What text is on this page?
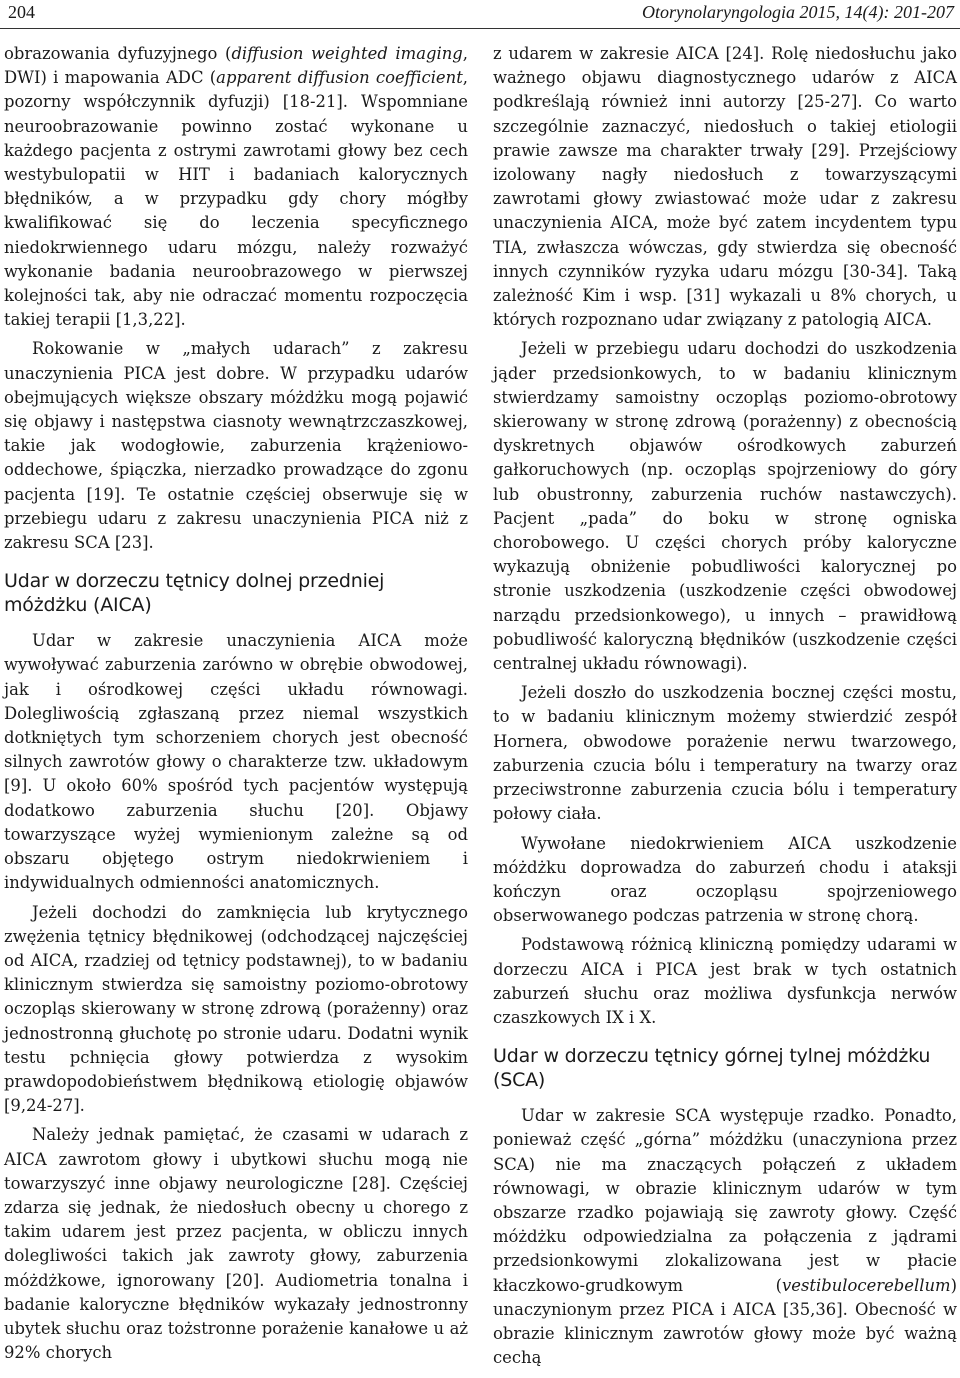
204	Otorynolaryngologia 2015, 14(4): 201-207

obrazowania dyfuzyjnego (diffusion weighted imaging, DWI) i mapowania ADC (apparent diffusion coefficient, pozorny współczynnik dyfuzji) [18-21]. Wspomniane neuroobrazowanie powinno zostać wykonane u każdego pacjenta z ostrymi zawrotami głowy bez cech westybulopatii w HIT i badaniach kalorycznych błędników, a w przypadku gdy chory mógłby kwalifikować się do leczenia specyficznego niedokrwiennego udaru mózgu, należy rozważyć wykonanie badania neuroobrazowego w pierwszej kolejności tak, aby nie odraczać momentu rozpoczęcia takiej terapii [1,3,22].

Rokowanie w „małych udarach” z zakresu unaczynienia PICA jest dobre. W przypadku udarów obejmujących większe obszary móżdżku mogą pojawić się objawy i następstwa ciasnoty wewnątrzczaszkowej, takie jak wodogłowie, zaburzenia krążeniowo-oddechowe, śpiączka, nierzadko prowadzące do zgonu pacjenta [19]. Te ostatnie częściej obserwuje się w przebiegu udaru z zakresu unaczynienia PICA niż z zakresu SCA [23].

Udar w dorzeczu tętnicy dolnej przedniej móżdżku (AICA)

Udar w zakresie unaczynienia AICA może wywoływać zaburzenia zarówno w obrębie obwodowej, jak i ośrodkowej części układu równowagi. Dolegliwością zgłaszaną przez niemal wszystkich dotkniętych tym schorzeniem chorych jest obecność silnych zawrotów głowy o charakterze tzw. układowym [9]. U około 60% spośród tych pacjentów występują dodatkowo zaburzenia słuchu [20]. Objawy towarzyszące wyżej wymienionym zależne są od obszaru objętego ostrym niedokrwieniem i indywidualnych odmienności anatomicznych.

Jeżeli dochodzi do zamknięcia lub krytycznego zwężenia tętnicy błędnikowej (odchodzącej najczęściej od AICA, rzadziej od tętnicy podstawnej), to w badaniu klinicznym stwierdza się samoistny poziomo-obrotowy oczopląs skierowany w stronę zdrową (porażenny) oraz jednostronną głuchotę po stronie udaru. Dodatni wynik testu pchnięcia głowy potwierdza z wysokim prawdopodobieństwem błędnikową etiologię objawów [9,24-27].

Należy jednak pamiętać, że czasami w udarach z AICA zawrotom głowy i ubytkowi słuchu mogą nie towarzyszyć inne objawy neurologiczne [28]. Częściej zdarza się jednak, że niedosłuch obecny u chorego z takim udarem jest przez pacjenta, w obliczu innych dolegliwości takich jak zawroty głowy, zaburzenia móżdżkowe, ignorowany [20]. Audiometria tonalna i badanie kaloryczne błędników wykazały jednostronny ubytek słuchu oraz tożstronne porażenie kanałowe u aż 92% chorych

z udarem w zakresie AICA [24]. Rolę niedosłuchu jako ważnego objawu diagnostycznego udarów z AICA podkreślają również inni autorzy [25-27]. Co warto szczególnie zaznaczyć, niedosłuch o takiej etiologii prawie zawsze ma charakter trwały [29]. Przejściowy izolowany nagły niedosłuch z towarzyszącymi zawrotami głowy zwiastować może udar z zakresu unaczynienia AICA, może być zatem incydentem typu TIA, zwłaszcza wówczas, gdy stwierdza się obecność innych czynników ryzyka udaru mózgu [30-34]. Taką zależność Kim i wsp. [31] wykazali u 8% chorych, u których rozpoznano udar związany z patologią AICA.

Jeżeli w przebiegu udaru dochodzi do uszkodzenia jąder przedsionkowych, to w badaniu klinicznym stwierdzamy samoistny oczopląs poziomo-obrotowy skierowany w stronę zdrową (porażenny) z obecnością dyskretnych objawów ośrodkowych zaburzeń gałkoruchowych (np. oczopląs spojrzeniowy do góry lub obustronny, zaburzenia ruchów nastawczych). Pacjent „pada” do boku w stronę ogniska chorobowego. U części chorych próby kaloryczne wykazują obniżenie pobudliwości kalorycznej po stronie uszkodzenia (uszkodzenie części obwodowej narządu przedsionkowego), u innych – prawidłową pobudliwość kaloryczną błędników (uszkodzenie części centralnej układu równowagi).

Jeżeli doszło do uszkodzenia bocznej części mostu, to w badaniu klinicznym możemy stwierdzić zespół Hornera, obwodowe porażenie nerwu twarzowego, zaburzenia czucia bólu i temperatury na twarzy oraz przeciwstronne zaburzenia czucia bólu i temperatury połowy ciała.

Wywołane niedokrwieniem AICA uszkodzenie móżdżku doprowadza do zaburzeń chodu i ataksji kończyn oraz oczopląsu spojrzeniowego obserwowanego podczas patrzenia w stronę chorą.

Podstawową różnicą kliniczną pomiędzy udarami w dorzeczu AICA i PICA jest brak w tych ostatnich zaburzeń słuchu oraz możliwa dysfunkcja nerwów czaszkowych IX i X.

Udar w dorzeczu tętnicy górnej tylnej móżdżku (SCA)

Udar w zakresie SCA występuje rzadko. Ponadto, ponieważ część „górna” móżdżku (unaczyniona przez SCA) nie ma znaczących połączeń z układem równowagi, w obrazie klinicznym udarów w tym obszarze rzadko pojawiają się zawroty głowy. Część móżdżku odpowiedzialna za połączenia z jądrami przedsionkowymi zlokalizowana jest w płacie kłaczkowo-grudkowym (vestibulocerebellum) unaczynionym przez PICA i AICA [35,36]. Obecność w obrazie klinicznym zawrotów głowy może być ważną cechą
